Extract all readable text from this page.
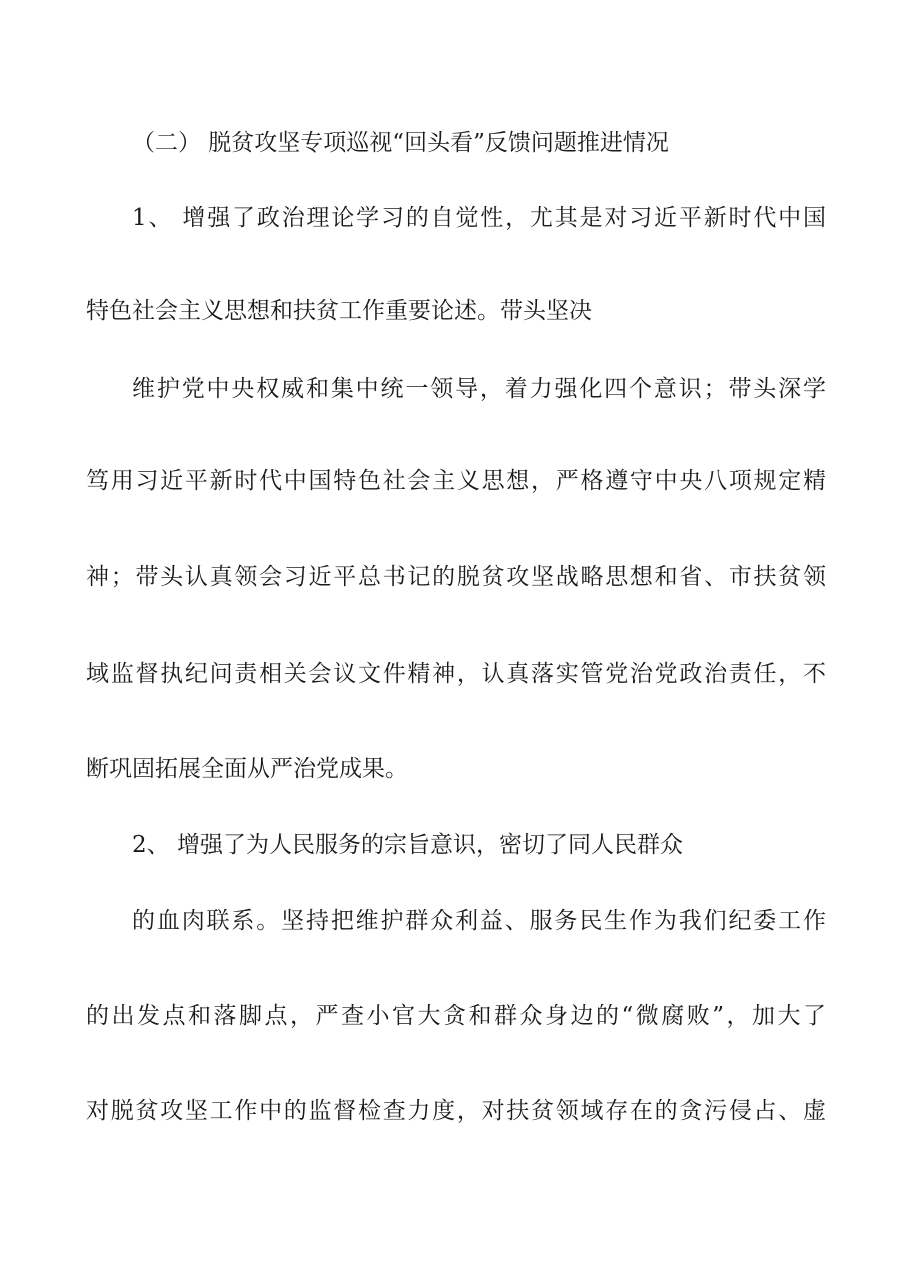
（二） 脱贫攻坚专项巡视“回头看”反馈问题推进情况
1、 增强了政治理论学习的自觉性，尤其是对习近平新时代中国
特色社会主义思想和扶贫工作重要论述。带头坚决
维护党中央权威和集中统一领导，着力强化四个意识；带头深学
笃用习近平新时代中国特色社会主义思想，严格遵守中央八项规定精
神；带头认真领会习近平总书记的脱贫攻坚战略思想和省、市扶贫领
域监督执纪问责相关会议文件精神，认真落实管党治党政治责任，不
断巩固拓展全面从严治党成果。
2、 增强了为人民服务的宗旨意识，密切了同人民群众
的血肉联系。坚持把维护群众利益、服务民生作为我们纪委工作
的出发点和落脚点，严查小官大贪和群众身边的“微腐败”，加大了
对脱贫攻坚工作中的监督检查力度，对扶贫领域存在的贪污侵占、虚
